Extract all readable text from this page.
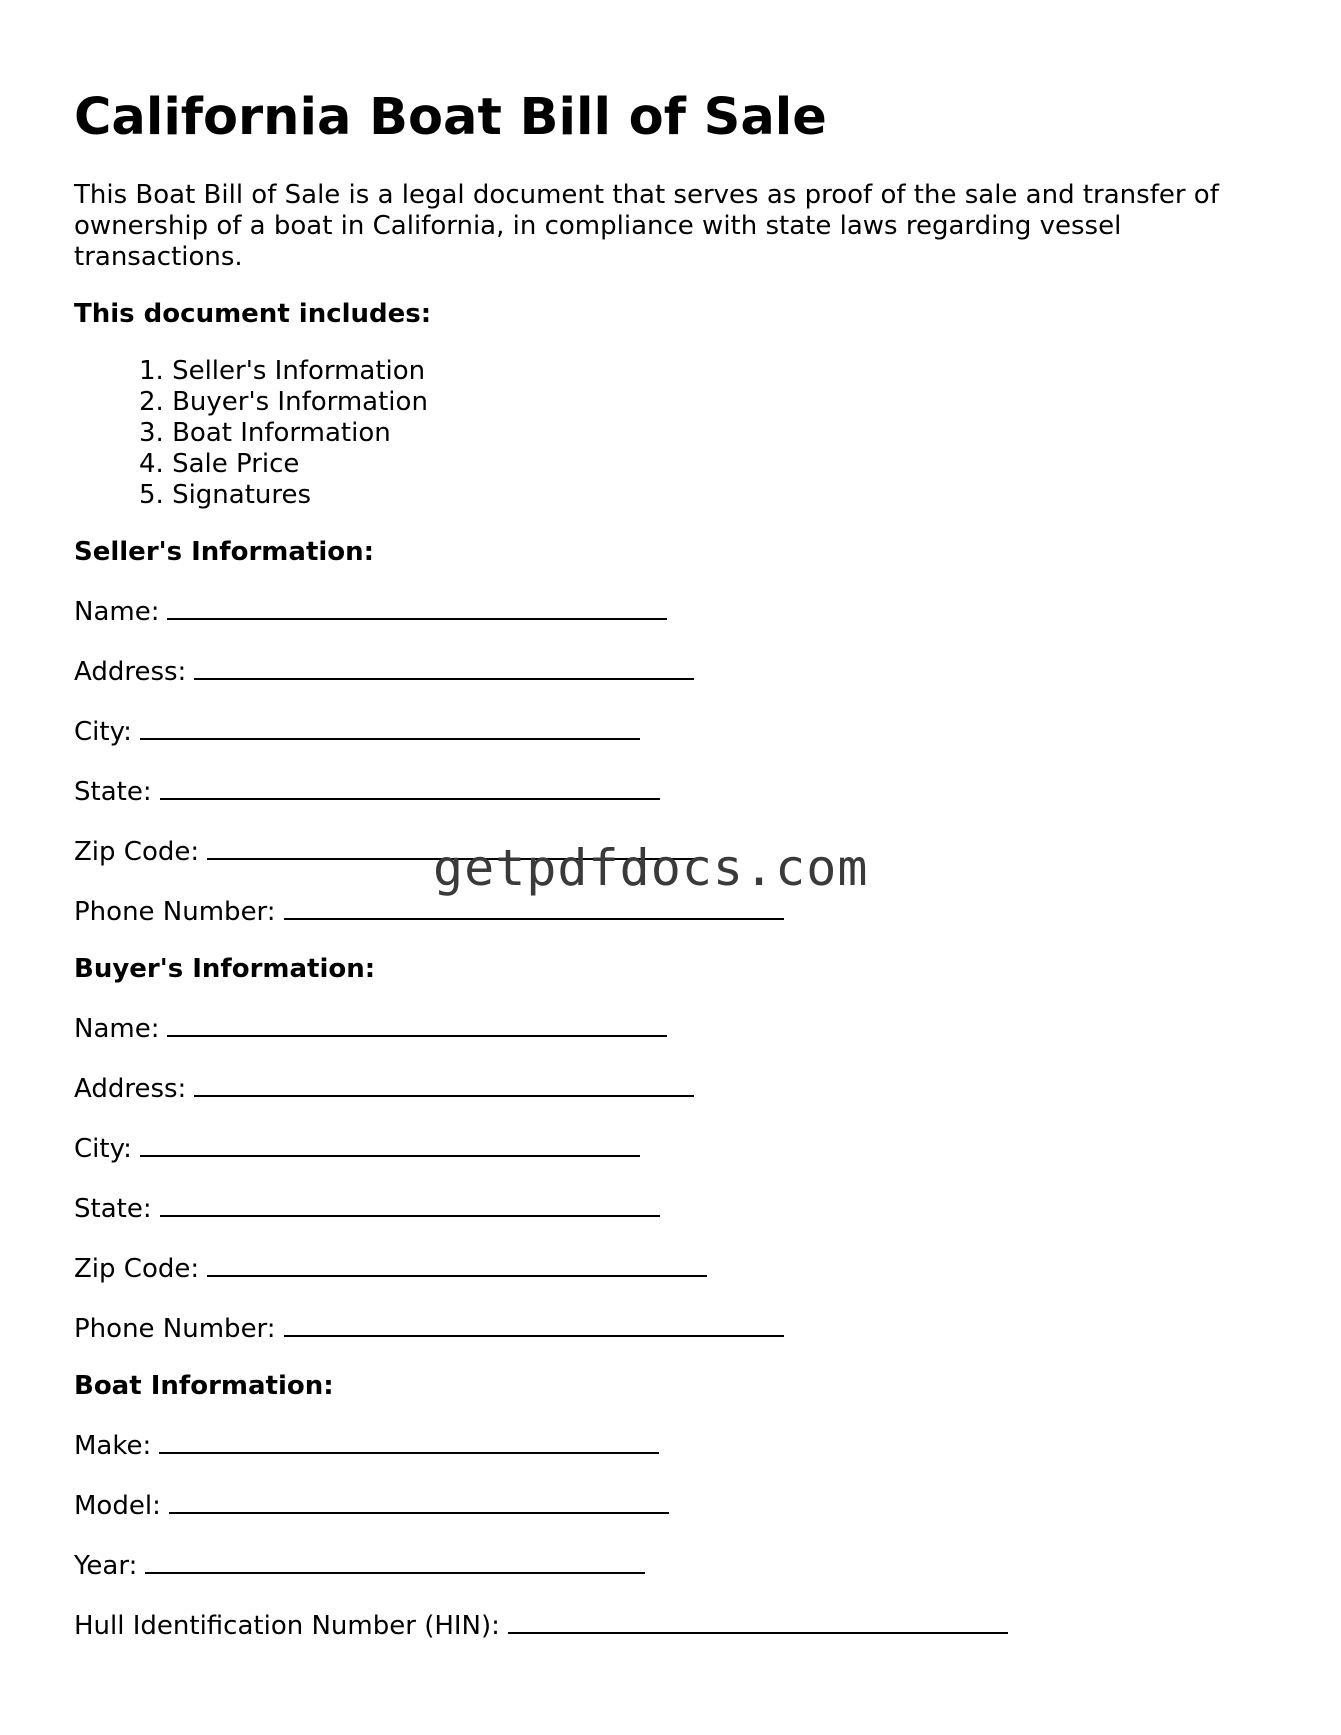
California Boat Bill of Sale

This Boat Bill of Sale is a legal document that serves as proof of the sale and transfer of ownership of a boat in California, in compliance with state laws regarding vessel transactions.

This document includes:
1. Seller's Information
2. Buyer's Information
3. Boat Information
4. Sale Price
5. Signatures
Seller's Information:
Name:
Address:
City:
State:
Zip Code:
Phone Number:
Buyer's Information:
Name:
Address:
City:
State:
Zip Code:
Phone Number:
Boat Information:
Make:
Model:
Year:
Hull Identification Number (HIN):
getpdfdocs.com
